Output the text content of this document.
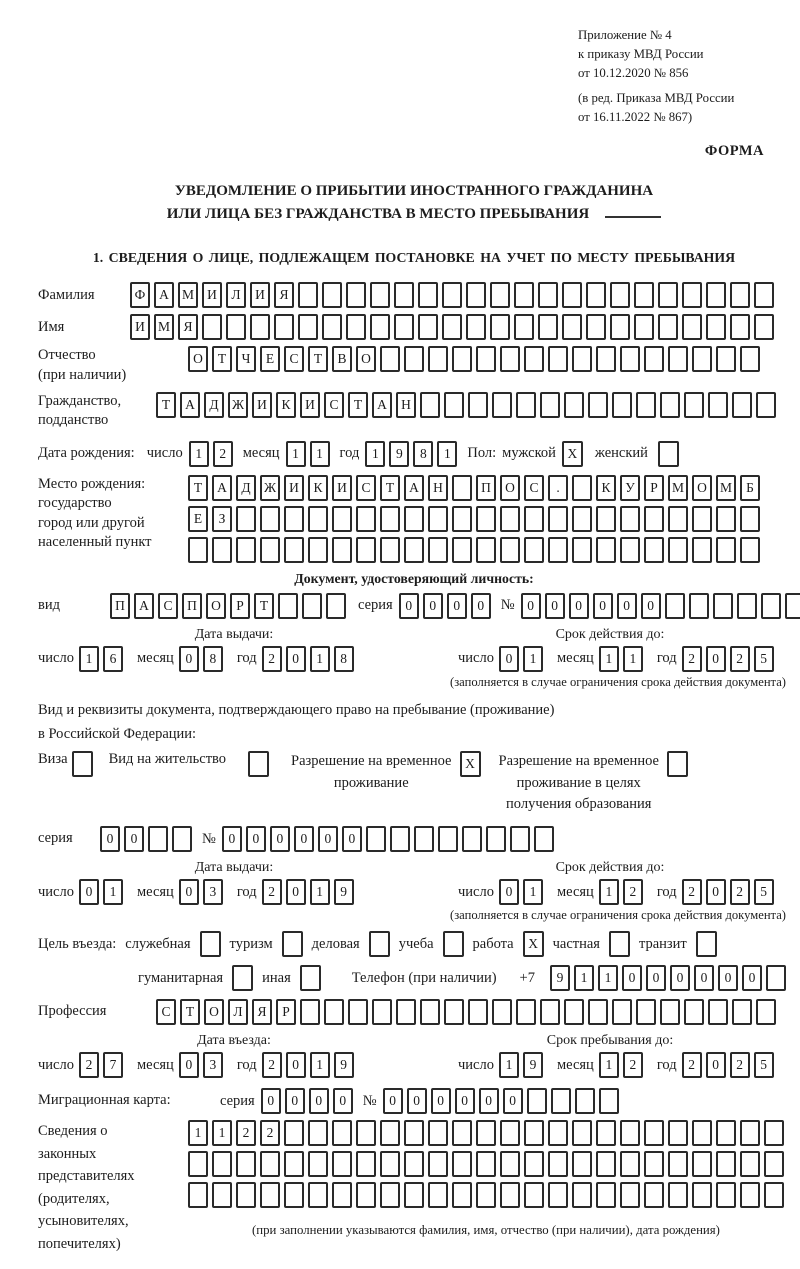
Приложение № 4
к приказу МВД России
от 10.12.2020 № 856
(в ред. Приказа МВД России
от 16.11.2022 № 867)
ФОРМА
УВЕДОМЛЕНИЕ О ПРИБЫТИИ ИНОСТРАННОГО ГРАЖДАНИНА
ИЛИ ЛИЦА БЕЗ ГРАЖДАНСТВА В МЕСТО ПРЕБЫВАНИЯ
1. СВЕДЕНИЯ О ЛИЦЕ, ПОДЛЕЖАЩЕМ ПОСТАНОВКЕ НА УЧЕТ ПО МЕСТУ ПРЕБЫВАНИЯ
Фамилия	Ф	А М И	Л	И	Я
Имя	И М Я
Отчество
(при наличии)
О	Т	Ч	Е	С	Т	В	О
Гражданство,
подданство
Т	А	Д Ж И	К	И	С	Т	А	Н
Дата рождения: число 1	2	месяц 1	1	год 1	9	8	1	Пол: мужской X	женский
Место рождения:
государство
город или другой
населенный пункт
Т	А	Д Ж И	К	И	С	Т	А	Н	П	О	С	.	К	У	Р	М О М	Б
Е	З
Документ, удостоверяющий личность:
вид	П	А	С	П	О	Р	Т	серия 0	0	0	0	№ 0	0	0	0	0	0
Дата выдачи:
число 1	6	месяц 0	8	год 2	0	1	8
Срок действия до:
число 0	1	месяц 1	1	год 2	0	2	5
(заполняется в случае ограничения срока действия документа)
Вид и реквизиты документа, подтверждающего право на пребывание (проживание)
в Российской Федерации:
Виза	Вид на жительство	Разрешение на временное
проживание
X	Разрешение на временное
проживание в целях
получения образования
серия	0	0	№ 0	0	0	0	0	0
Дата выдачи:
число 0	1	месяц 0	3	год 2	0	1	9
Срок действия до:
число 0	1	месяц 1	2	год 2	0	2	5
(заполняется в случае ограничения срока действия документа)
Цель въезда: служебная	туризм	деловая	учеба	работа	X	частная	транзит
гуманитарная	иная	Телефон (при наличии) +7	9	1	1	0	0	0	0	0	0
Профессия	С	Т	О	Л	Я	Р
Дата въезда:
число 2	7	месяц 0	3	год 2	0	1	9
Срок пребывания до:
число 1	9	месяц 1	2	год 2	0	2	5
Миграционная карта:	серия 0	0	0	0	№ 0	0	0	0	0	0
Сведения о
законных
представителях
(родителях,
усыновителях,
попечителях)
1	1	2	2
(при заполнении указываются фамилия, имя, отчество (при наличии), дата рождения)
